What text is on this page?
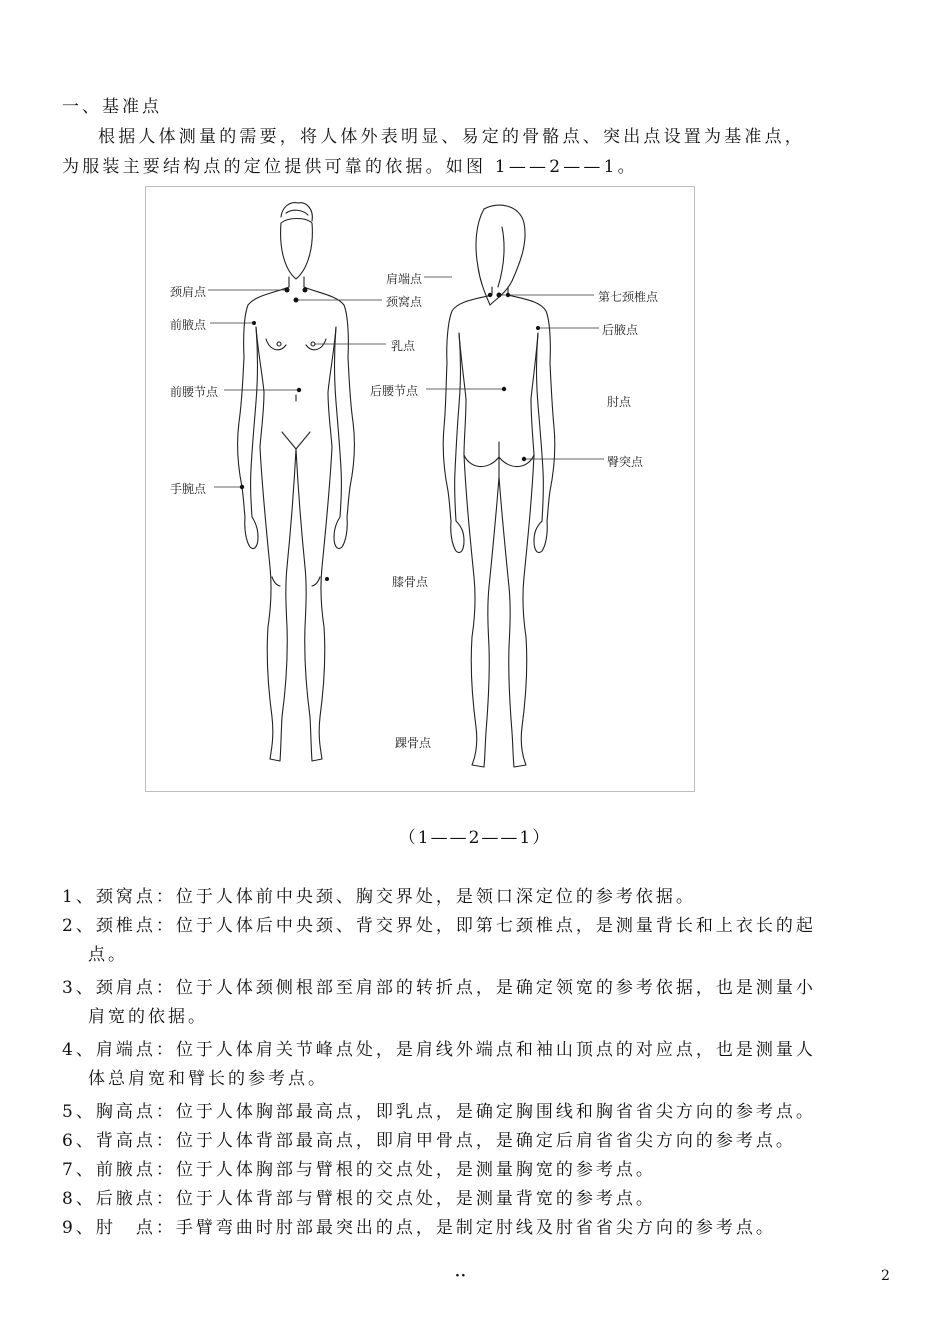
一、基准点

根据人体测量的需要，将人体外表明显、易定的骨骼点、突出点设置为基准点，

为服装主要结构点的定位提供可靠的依据。如图 1——2——1。

颈肩点
前腋点
前腰节点
手腕点
肩端点
颈窝点
乳点
后腰节点
膝骨点
踝骨点
第七颈椎点
后腋点
肘点
臀突点
（1——2——1）
1、颈窝点：位于人体前中央颈、胸交界处，是领口深定位的参考依据。
2、颈椎点：位于人体后中央颈、背交界处，即第七颈椎点，是测量背长和上衣长的起
点。
3、颈肩点：位于人体颈侧根部至肩部的转折点，是确定领宽的参考依据，也是测量小
肩宽的依据。
4、肩端点：位于人体肩关节峰点处，是肩线外端点和袖山顶点的对应点，也是测量人
体总肩宽和臂长的参考点。
5、胸高点：位于人体胸部最高点，即乳点，是确定胸围线和胸省省尖方向的参考点。
6、背高点：位于人体背部最高点，即肩甲骨点，是确定后肩省省尖方向的参考点。
7、前腋点：位于人体胸部与臂根的交点处，是测量胸宽的参考点。
8、后腋点：位于人体背部与臂根的交点处，是测量背宽的参考点。
9、肘　点：手臂弯曲时肘部最突出的点，是制定肘线及肘省省尖方向的参考点。
··	2
